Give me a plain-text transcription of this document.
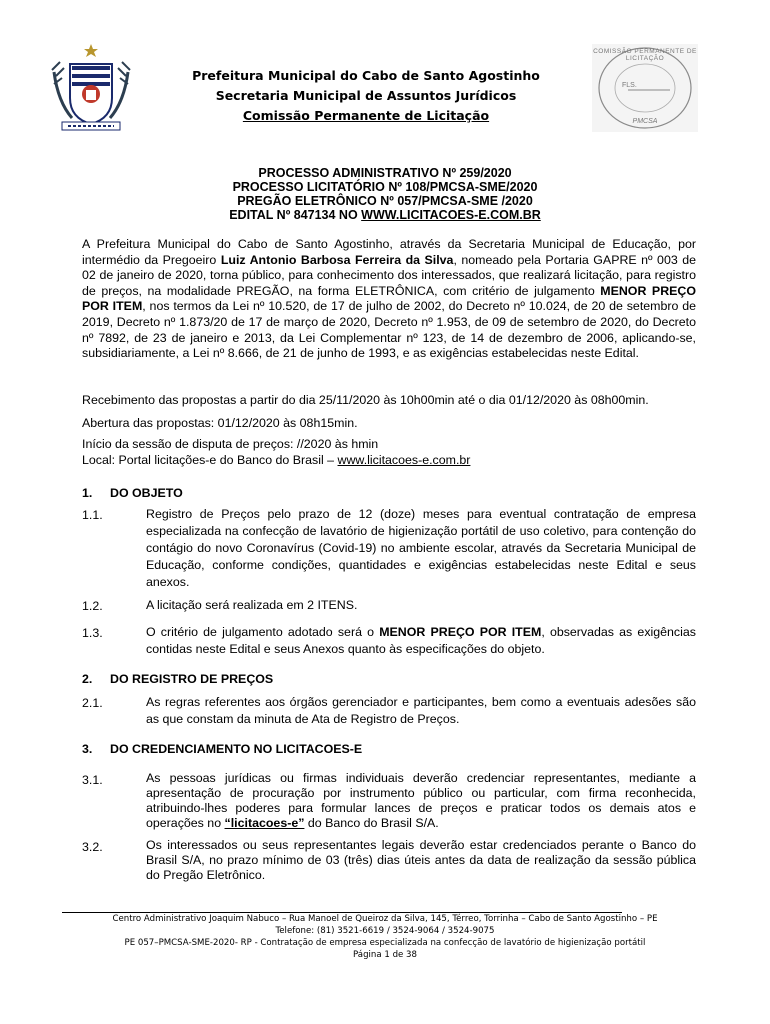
COMISSÃO PERMANENTE DE LICITAÇÃO
FLS.
PMCSA
Prefeitura Municipal do Cabo de Santo Agostinho
Secretaria Municipal de Assuntos Jurídicos
Comissão Permanente de Licitação
PROCESSO ADMINISTRATIVO Nº 259/2020
PROCESSO LICITATÓRIO Nº 108/PMCSA-SME/2020
PREGÃO ELETRÔNICO Nº 057/PMCSA-SME /2020
EDITAL Nº 847134 NO WWW.LICITACOES-E.COM.BR
A Prefeitura Municipal do Cabo de Santo Agostinho, através da Secretaria Municipal de Educação, por intermédio da Pregoeiro Luiz Antonio Barbosa Ferreira da Silva, nomeado pela Portaria GAPRE nº 003 de 02 de janeiro de 2020, torna público, para conhecimento dos interessados, que realizará licitação, para registro de preços, na modalidade PREGÃO, na forma ELETRÔNICA, com critério de julgamento MENOR PREÇO POR ITEM, nos termos da Lei nº 10.520, de 17 de julho de 2002, do Decreto nº 10.024, de 20 de setembro de 2019, Decreto nº 1.873/20 de 17 de março de 2020, Decreto nº 1.953, de 09 de setembro de 2020, do Decreto nº 7892, de 23 de janeiro e 2013, da Lei Complementar nº 123, de 14 de dezembro de 2006, aplicando-se, subsidiariamente, a Lei nº 8.666, de 21 de junho de 1993, e as exigências estabelecidas neste Edital.
Recebimento das propostas a partir do dia 25/11/2020 às 10h00min até o dia 01/12/2020 às 08h00min.
Abertura das propostas: 01/12/2020 às 08h15min.
Início da sessão de disputa de preços: //2020 às hmin
Local: Portal licitações-e do Banco do Brasil – www.licitacoes-e.com.br
1. DO OBJETO
1.1.	Registro de Preços pelo prazo de 12 (doze) meses para eventual contratação de empresa especializada na confecção de lavatório de higienização portátil de uso coletivo, para contenção do contágio do novo Coronavírus (Covid-19) no ambiente escolar, através da Secretaria Municipal de Educação, conforme condições, quantidades e exigências estabelecidas neste Edital e seus anexos.
1.2.	A licitação será realizada em 2 ITENS.
1.3.	O critério de julgamento adotado será o MENOR PREÇO POR ITEM, observadas as exigências contidas neste Edital e seus Anexos quanto às especificações do objeto.
2. DO REGISTRO DE PREÇOS
2.1.	As regras referentes aos órgãos gerenciador e participantes, bem como a eventuais adesões são as que constam da minuta de Ata de Registro de Preços.
3. DO CREDENCIAMENTO NO LICITACOES-E
3.1.	As pessoas jurídicas ou firmas individuais deverão credenciar representantes, mediante a apresentação de procuração por instrumento público ou particular, com firma reconhecida, atribuindo-lhes poderes para formular lances de preços e praticar todos os demais atos e operações no “licitacoes-e” do Banco do Brasil S/A.
3.2.	Os interessados ou seus representantes legais deverão estar credenciados perante o Banco do Brasil S/A, no prazo mínimo de 03 (três) dias úteis antes da data de realização da sessão pública do Pregão Eletrônico.
Centro Administrativo Joaquim Nabuco – Rua Manoel de Queiroz da Silva, 145, Térreo, Torrinha – Cabo de Santo Agostinho – PE
Telefone: (81) 3521-6619 / 3524-9064 / 3524-9075
PE 057–PMCSA-SME-2020- RP - Contratação de empresa especializada na confecção de lavatório de higienização portátil
Página 1 de 38
